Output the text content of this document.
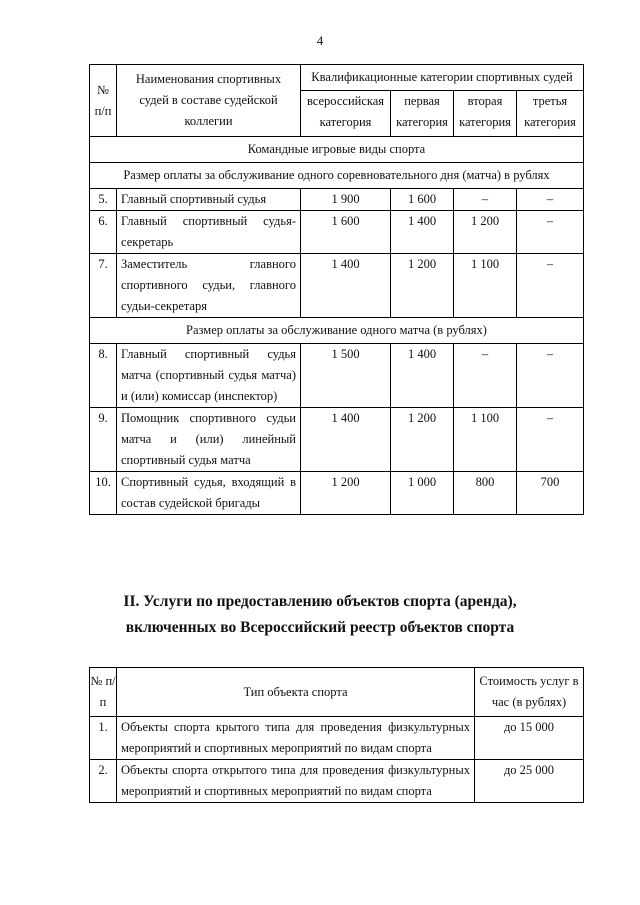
4
№ п/п	Наименования спортивных судей в составе судейской коллегии	Квалификационные категории спортивных судей			
		всероссийская категория	первая категория	вторая категория	третья категория
Командные игровые виды спорта					
Размер оплаты за обслуживание одного соревновательного дня (матча) в рублях					
5.	Главный спортивный судья	1 900	1 600	–	–
6.	Главный спортивный судья-секретарь	1 600	1 400	1 200	–
7.	Заместитель главного спортивного судьи, главного судьи-секретаря	1 400	1 200	1 100	–
Размер оплаты за обслуживание одного матча (в рублях)					
8.	Главный спортивный судья матча (спортивный судья матча) и (или) комиссар (инспектор)	1 500	1 400	–	–
9.	Помощник спортивного судьи матча и (или) линейный спортивный судья матча	1 400	1 200	1 100	–
10.	Спортивный судья, входящий в состав судейской бригады	1 200	1 000	800	700
II. Услуги по предоставлению объектов спорта (аренда),
включенных во Всероссийский реестр объектов спорта
№ п/п	Тип объекта спорта	Стоимость услуг в час (в рублях)
1.	Объекты спорта крытого типа для проведения физкультурных мероприятий и спортивных мероприятий по видам спорта	до 15 000
2.	Объекты спорта открытого типа для проведения физкультурных мероприятий и спортивных мероприятий по видам спорта	до 25 000
